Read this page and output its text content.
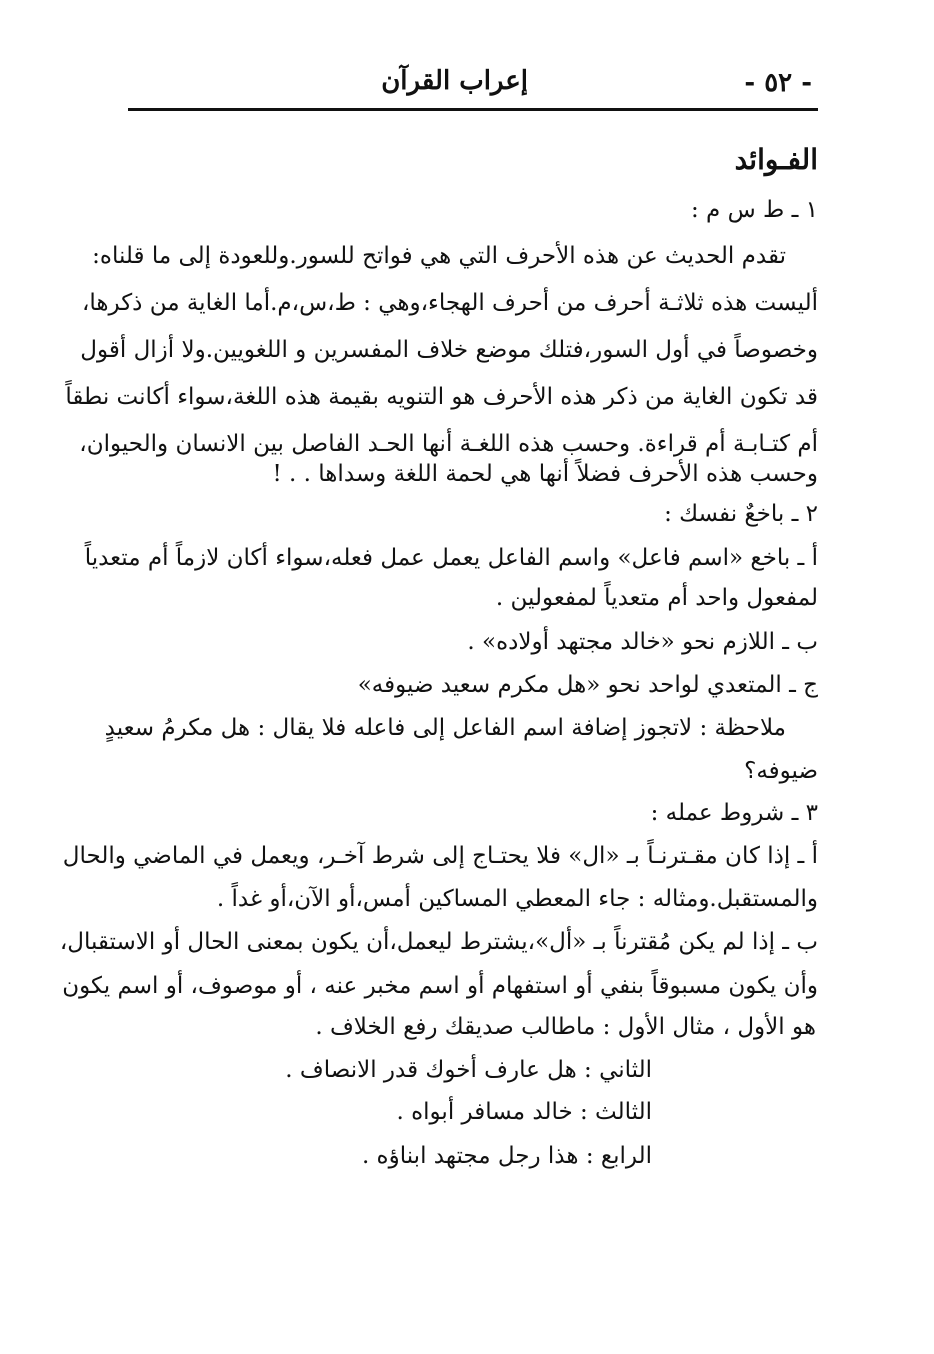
- ٥٢ -
إعراب القرآن
الفـوائد
١ ـ ط س م :
تقدم الحديث عن هذه الأحرف التي هي فواتح للسور.وللعودة إلى ما قلناه:
أليست هذه ثلاثـة أحرف من أحرف الهجاء،وهي : ط،س،م.أما الغاية من ذكرها،
وخصوصاً في أول السور،فتلك موضع خلاف المفسرين و اللغويين.ولا أزال أقول
قد تكون الغاية من ذكر هذه الأحرف هو التنويه بقيمة هذه اللغة،سواء أكانت نطقاً
أم كتـابـة أم قراءة. وحسب هذه اللغـة أنها الحـد الفاصل بين الانسان والحيوان،
وحسب هذه الأحرف فضلاً أنها هي لحمة اللغة وسداها . . !
٢ ـ باخعٌ نفسك :
أ ـ باخع «اسم فاعل» واسم الفاعل يعمل عمل فعله،سواء أكان لازماً أم متعدياً
لمفعول واحد أم متعدياً لمفعولين .
ب ـ اللازم نحو «خالد مجتهد أولاده» .
ج ـ المتعدي لواحد نحو «هل مكرم سعيد ضيوفه»
ملاحظة : لاتجوز إضافة اسم الفاعل إلى فاعله فلا يقال : هل مكرمُ سعيدٍ
ضيوفه؟
٣ ـ شروط عمله :
أ ـ إذا كان مقـترنـاً بـ «ال» فلا يحتـاج إلى شرط آخـر، ويعمل في الماضي والحال
والمستقبل.ومثاله : جاء المعطي المساكين أمس،أو الآن،أو غداً .
ب ـ إذا لم يكن مُقترناً بـ «أل»،يشترط ليعمل،أن يكون بمعنى الحال أو الاستقبال،
وأن يكون مسبوقاً بنفي أو استفهام أو اسم مخبر عنه ، أو موصوف، أو اسم يكون
هو الأول ، مثال الأول : ماطالب صديقك رفع الخلاف .
الثاني : هل عارف أخوك قدر الانصاف .
الثالث : خالد مسافر أبواه .
الرابع : هذا رجل مجتهد ابناؤه .
